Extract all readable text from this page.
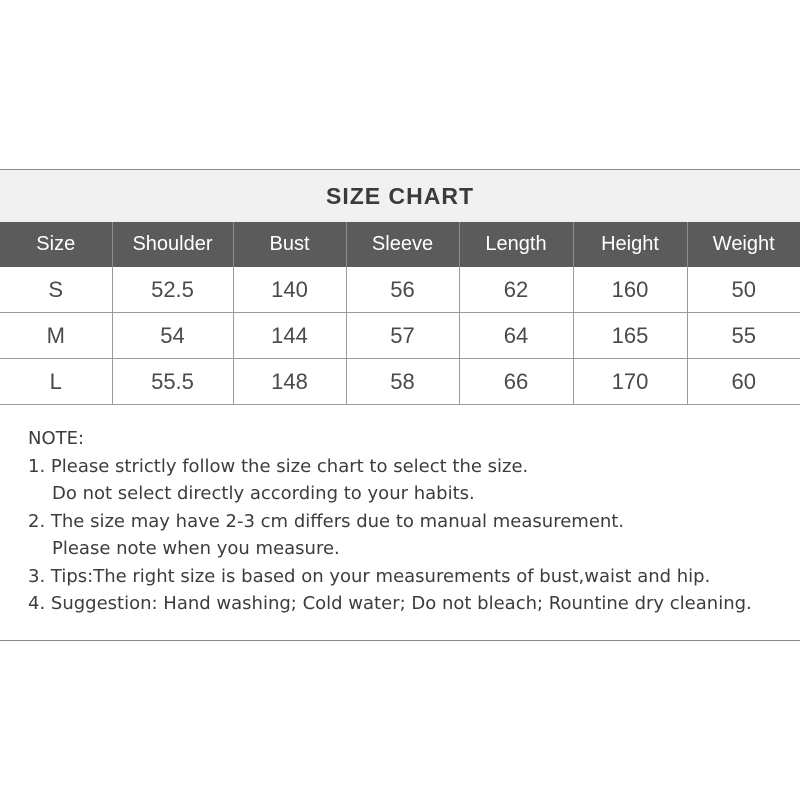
SIZE CHART
Size	Shoulder	Bust	Sleeve	Length	Height	Weight
S	52.5	140	56	62	160	50
M	54	144	57	64	165	55
L	55.5	148	58	66	170	60
NOTE:
1. Please strictly follow the size chart to select the size.
Do not select directly according to your habits.
2. The size may have 2-3 cm differs due to manual measurement.
Please note when you measure.
3. Tips:The right size is based on your measurements of bust,waist and hip.
4. Suggestion: Hand washing; Cold water; Do not bleach; Rountine dry cleaning.
